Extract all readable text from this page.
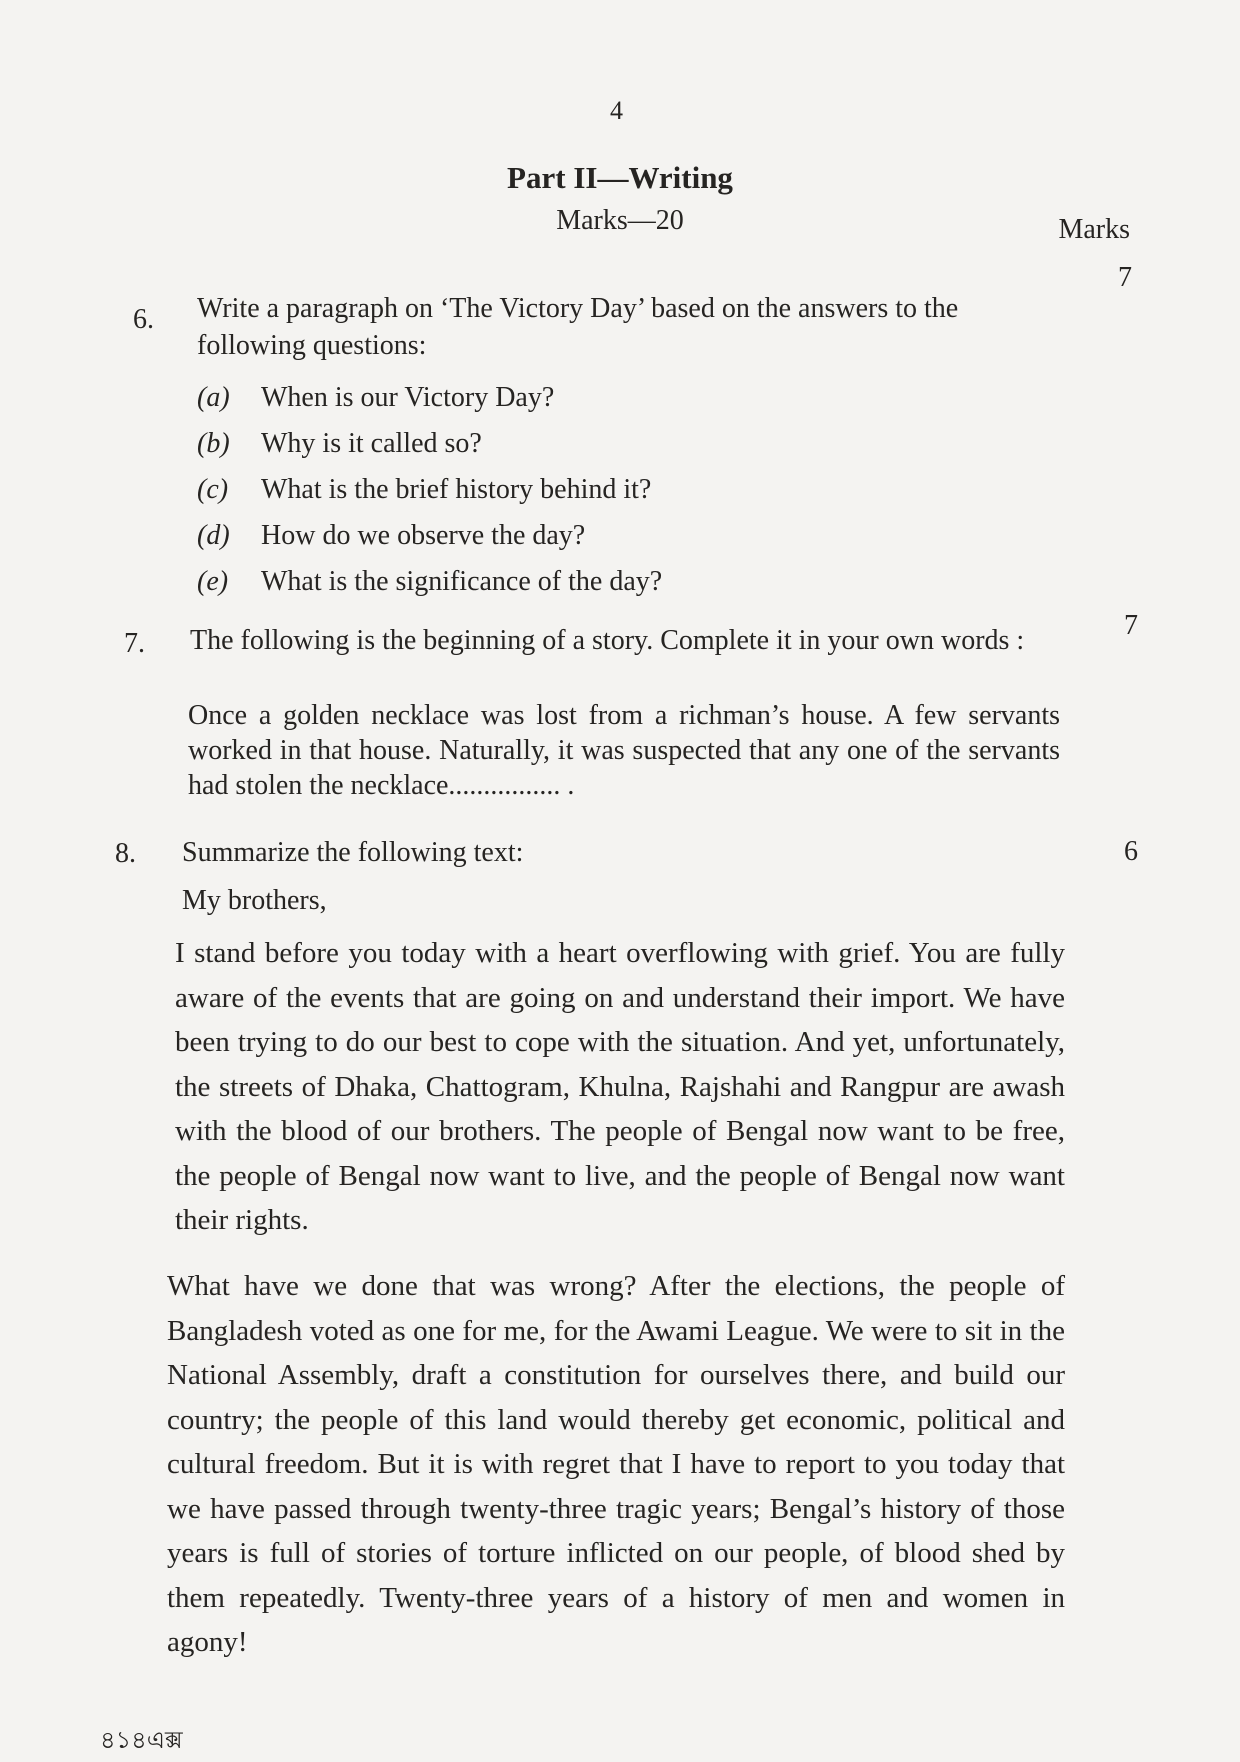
4
Part II—Writing
Marks—20	Marks
6.
7
Write a paragraph on ‘The Victory Day’ based on the answers to the following questions:
(a) When is our Victory Day?
(b) Why is it called so?
(c) What is the brief history behind it?
(d) How do we observe the day?
(e) What is the significance of the day?
7.
7
The following is the beginning of a story. Complete it in your own words :
Once a golden necklace was lost from a richman’s house. A few servants worked in that house. Naturally, it was suspected that any one of the servants had stolen the necklace................ .
8.	6
Summarize the following text:
My brothers,
I stand before you today with a heart overflowing with grief. You are fully aware of the events that are going on and understand their import. We have been trying to do our best to cope with the situation. And yet, unfortunately, the streets of Dhaka, Chattogram, Khulna, Rajshahi and Rangpur are awash with the blood of our brothers. The people of Bengal now want to be free, the people of Bengal now want to live, and the people of Bengal now want their rights.
What have we done that was wrong? After the elections, the people of Bangladesh voted as one for me, for the Awami League. We were to sit in the National Assembly, draft a constitution for ourselves there, and build our country; the people of this land would thereby get economic, political and cultural freedom. But it is with regret that I have to report to you today that we have passed through twenty-three tragic years; Bengal’s history of those years is full of stories of torture inflicted on our people, of blood shed by them repeatedly. Twenty-three years of a history of men and women in agony!
৪১৪এক্স
